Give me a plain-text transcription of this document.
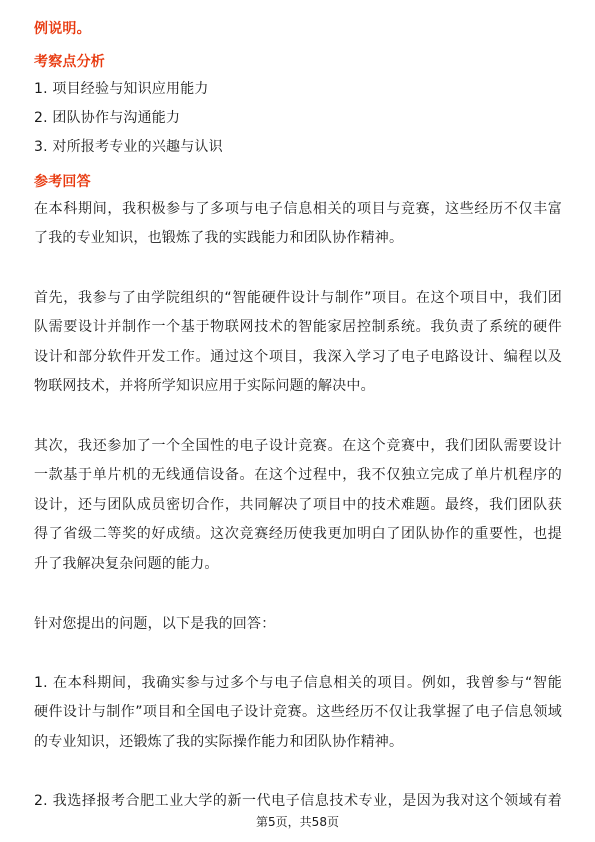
例说明。
考察点分析
1. 项目经验与知识应用能力
2. 团队协作与沟通能力
3. 对所报考专业的兴趣与认识
参考回答
在本科期间，我积极参与了多项与电子信息相关的项目与竞赛，这些经历不仅丰富
了我的专业知识，也锻炼了我的实践能力和团队协作精神。
首先，我参与了由学院组织的“智能硬件设计与制作”项目。在这个项目中，我们团
队需要设计并制作一个基于物联网技术的智能家居控制系统。我负责了系统的硬件
设计和部分软件开发工作。通过这个项目，我深入学习了电子电路设计、编程以及
物联网技术，并将所学知识应用于实际问题的解决中。
其次，我还参加了一个全国性的电子设计竞赛。在这个竞赛中，我们团队需要设计
一款基于单片机的无线通信设备。在这个过程中，我不仅独立完成了单片机程序的
设计，还与团队成员密切合作，共同解决了项目中的技术难题。最终，我们团队获
得了省级二等奖的好成绩。这次竞赛经历使我更加明白了团队协作的重要性，也提
升了我解决复杂问题的能力。
针对您提出的问题，以下是我的回答：
1. 在本科期间，我确实参与过多个与电子信息相关的项目。例如，我曾参与“智能
硬件设计与制作”项目和全国电子设计竞赛。这些经历不仅让我掌握了电子信息领域
的专业知识，还锻炼了我的实际操作能力和团队协作精神。
2. 我选择报考合肥工业大学的新一代电子信息技术专业，是因为我对这个领域有着
第5页，共58页
